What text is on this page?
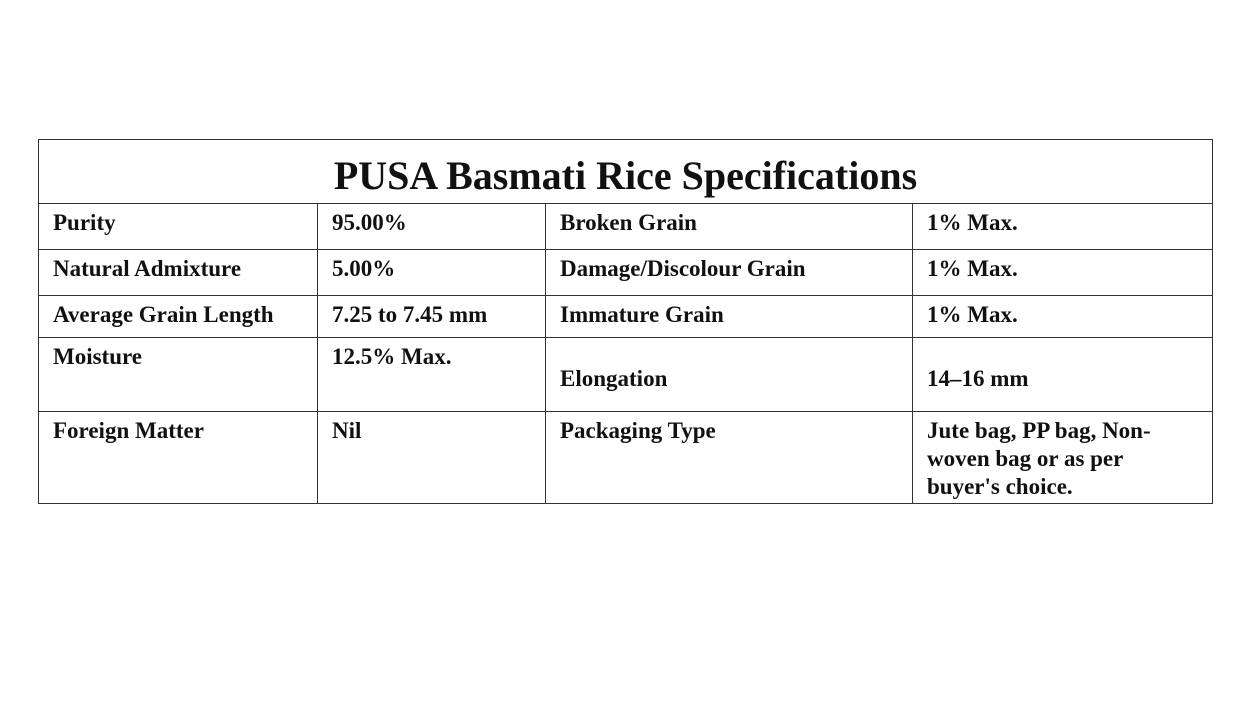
PUSA Basmati Rice Specifications			
Purity	95.00%	Broken Grain	1% Max.
Natural Admixture	5.00%	Damage/Discolour Grain	1% Max.
Average Grain Length	7.25 to 7.45 mm	Immature Grain	1% Max.
Moisture	12.5% Max.	Elongation	14–16 mm
Foreign Matter	Nil	Packaging Type	Jute bag, PP bag, Non-woven bag or as per buyer's choice.
